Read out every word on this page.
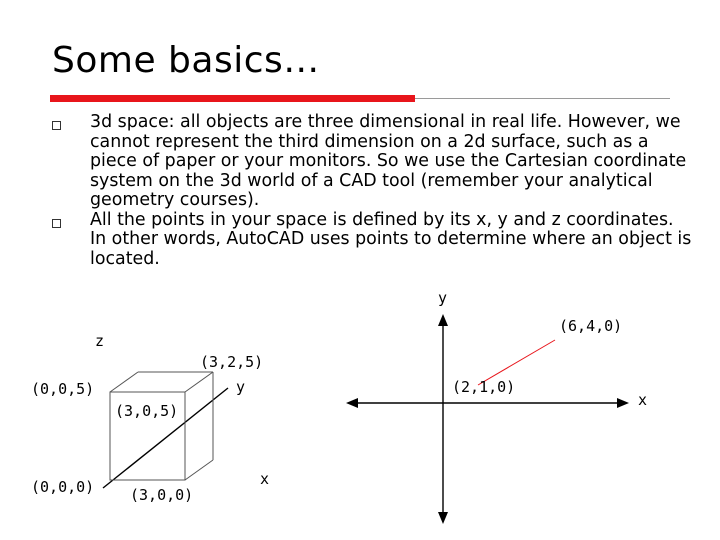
Some basics…
3d space: all objects are three dimensional in real life. However, we cannot represent the third dimension on a 2d surface, such as a piece of paper or your monitors. So we use the Cartesian coordinate system on the 3d world of a CAD tool (remember your analytical geometry courses).
All the points in your space is defined by its x, y and z coordinates. In other words, AutoCAD uses points to determine where an object is located.
z
(0,0,5)
(0,0,0)
(3,0,5)
(3,2,5)
(3,0,0)
y
x
y
(6,4,0)
(2,1,0)
x
